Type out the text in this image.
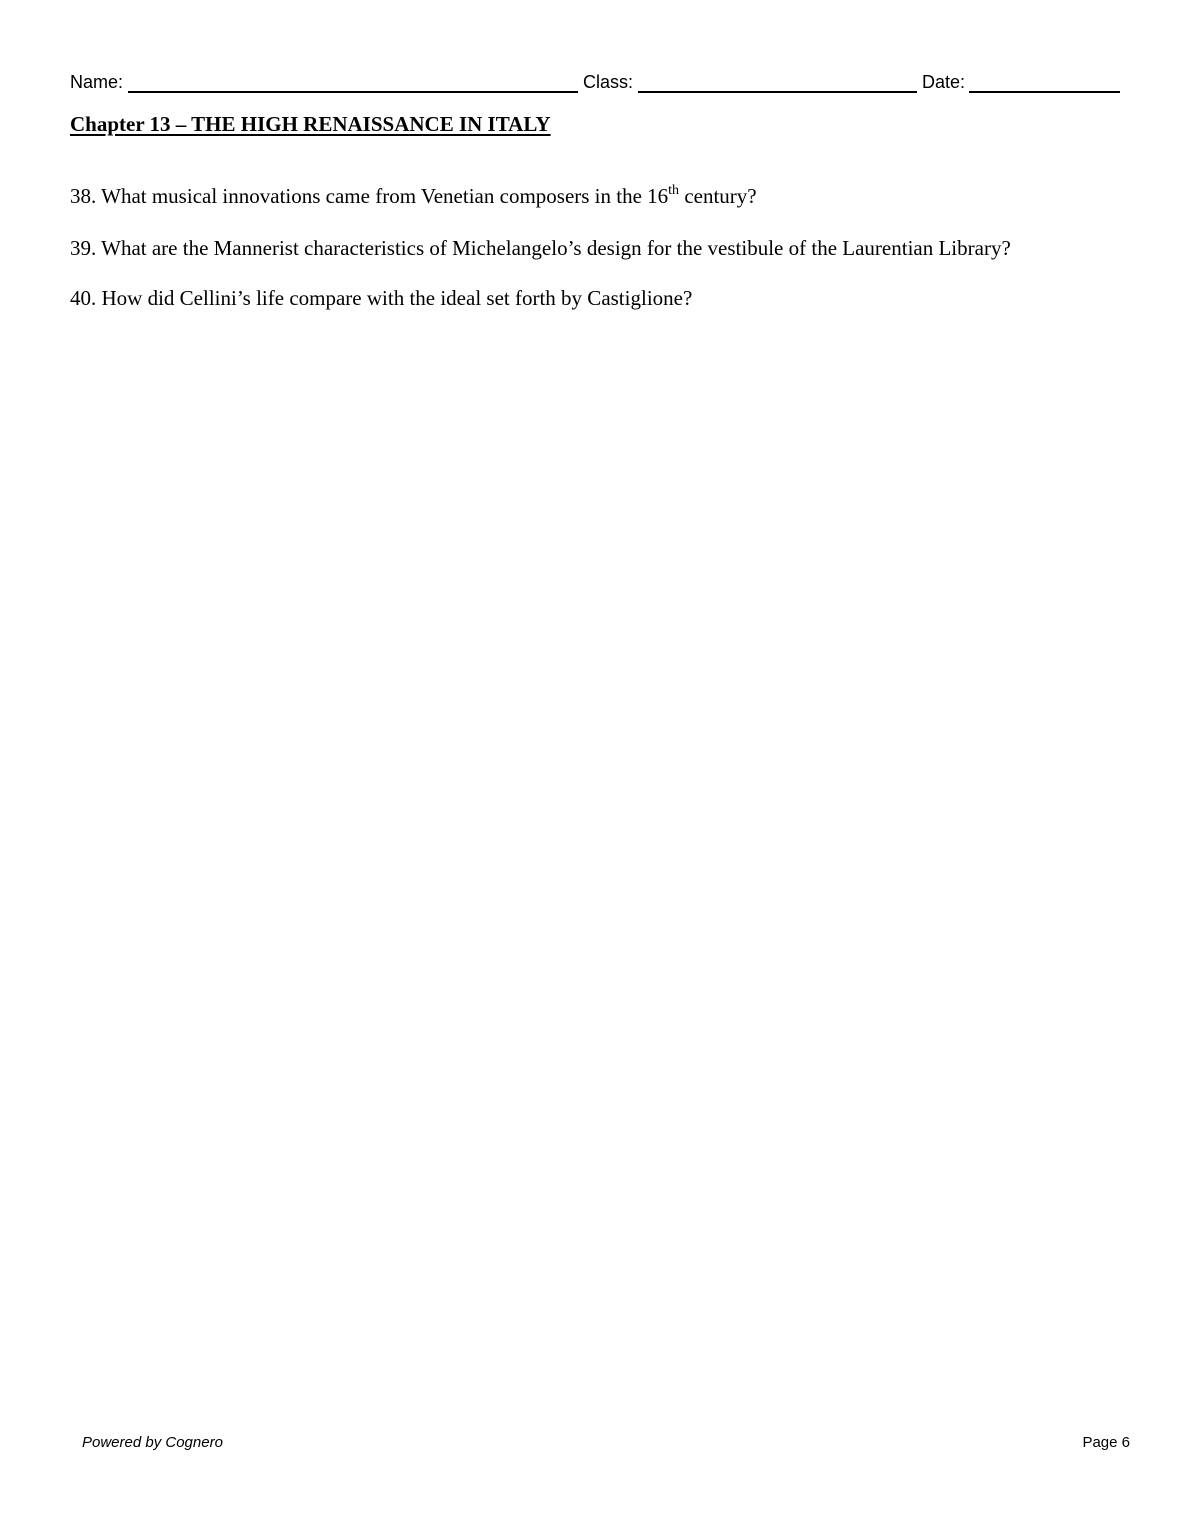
Name:	Class:	Date:
Chapter 13 – THE HIGH RENAISSANCE IN ITALY
38. What musical innovations came from Venetian composers in the 16th century?
39. What are the Mannerist characteristics of Michelangelo’s design for the vestibule of the Laurentian Library?
40. How did Cellini’s life compare with the ideal set forth by Castiglione?
Powered by Cognero	Page 6
